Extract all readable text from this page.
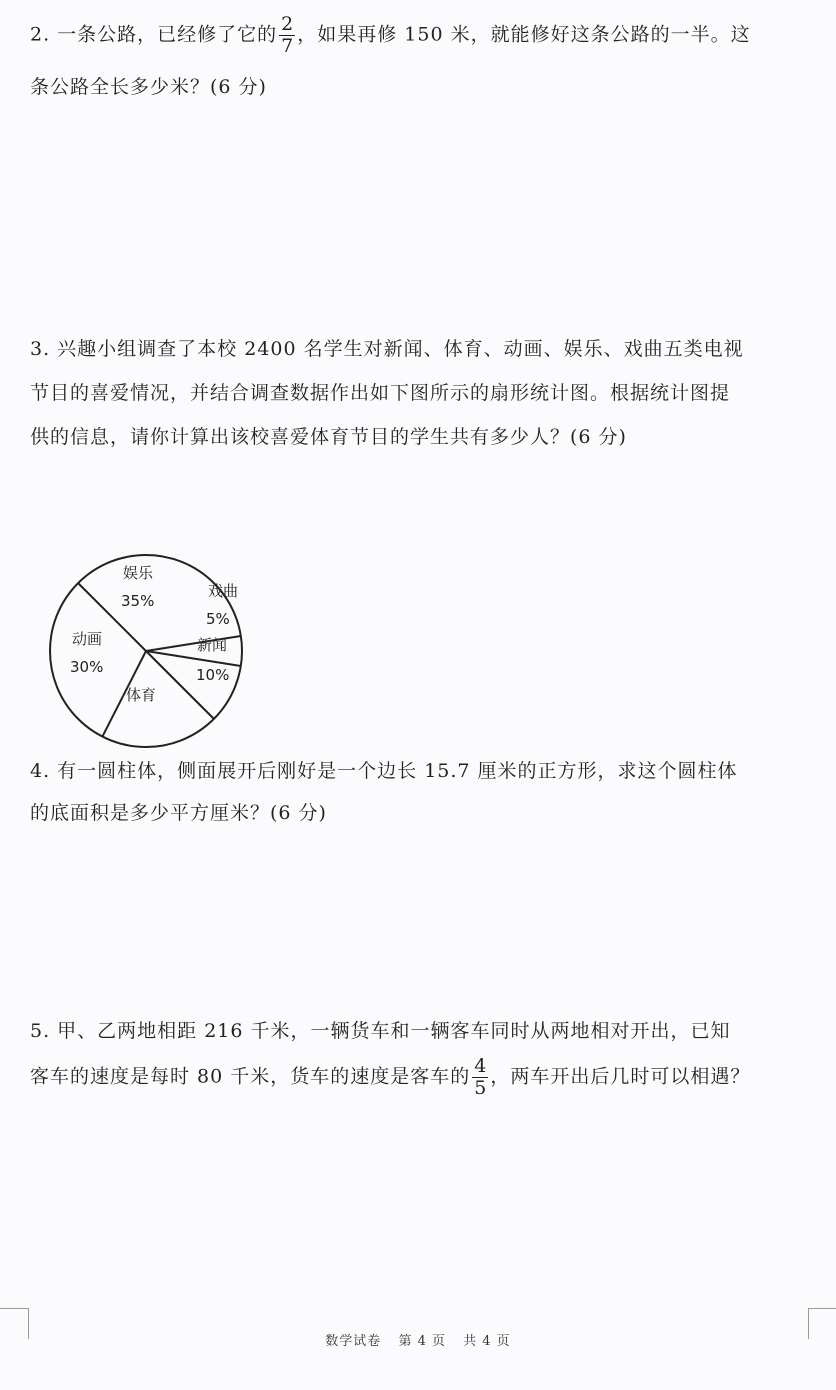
2. 一条公路，已经修了它的 $\frac{2}{7}$ ，如果再修 150 米，就能修好这条公路的一半。这
条公路全长多少米？(6 分)
3. 兴趣小组调查了本校 2400 名学生对新闻、体育、动画、娱乐、戏曲五类电视
节目的喜爱情况，并结合调查数据作出如下图所示的扇形统计图。根据统计图提
供的信息，请你计算出该校喜爱体育节目的学生共有多少人？(6 分)
娱乐
35%
戏曲
5%
新闻
10%
体育
动画
30%
4. 有一圆柱体，侧面展开后刚好是一个边长 15.7 厘米的正方形，求这个圆柱体
的底面积是多少平方厘米？(6 分)
5. 甲、乙两地相距 216 千米，一辆货车和一辆客车同时从两地相对开出，已知
客车的速度是每时 80 千米，货车的速度是客车的 $\frac{4}{5}$ ，两车开出后几时可以相遇？
数学试卷 第 4 页 共 4 页
